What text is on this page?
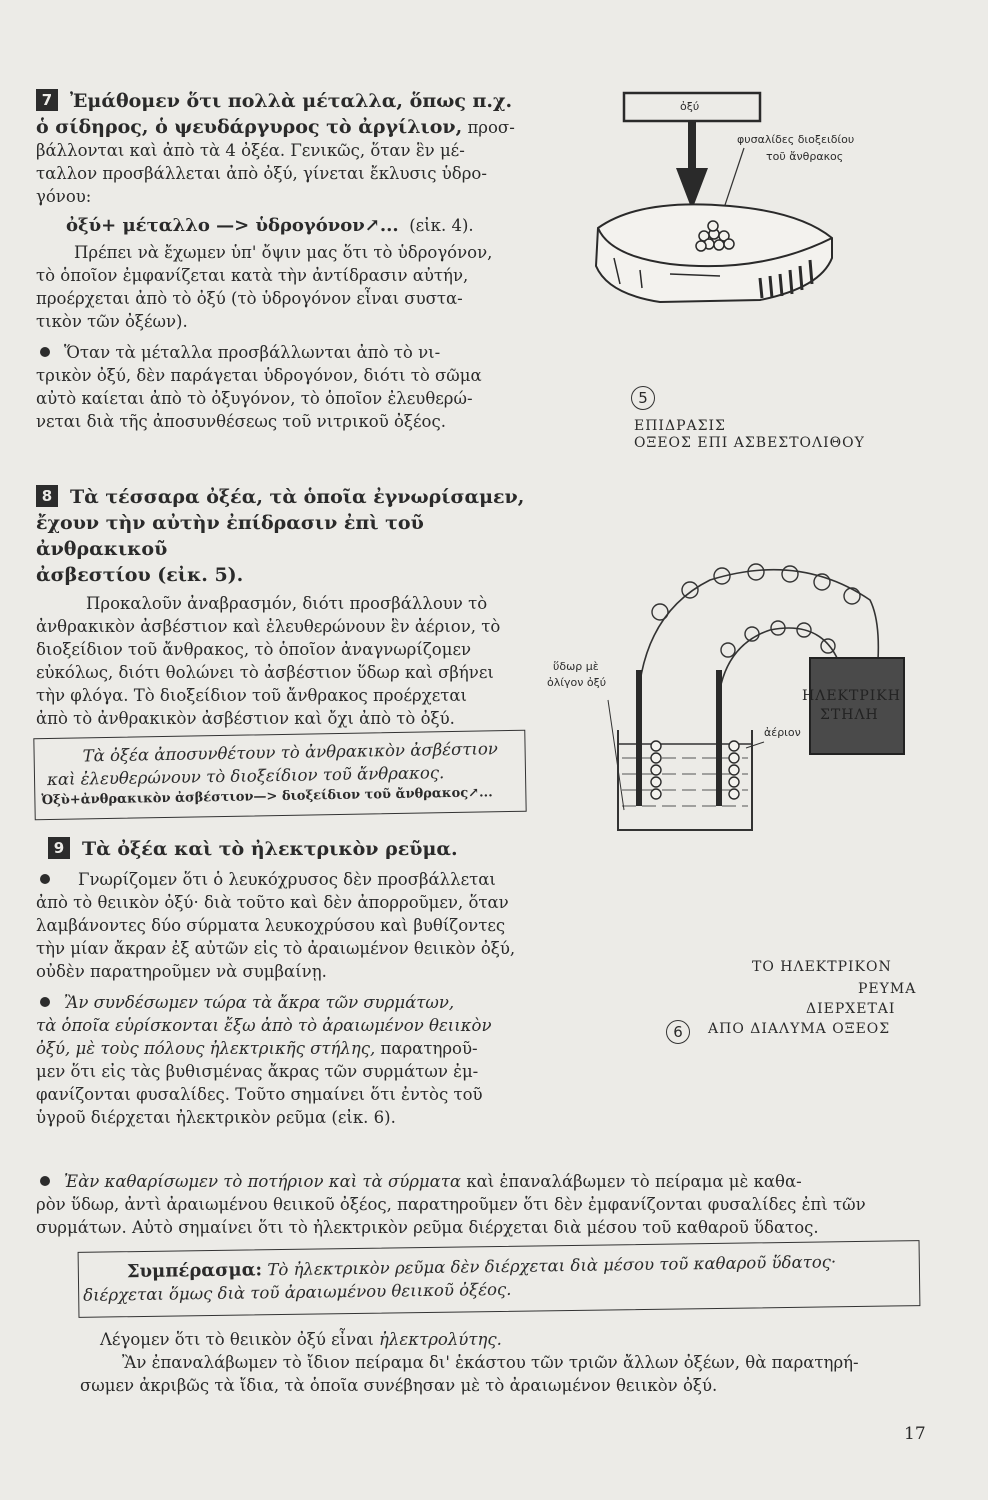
7 Ἐμάθομεν ὅτι πολλὰ μέταλλα, ὅπως π.χ.

ὁ σίδηρος, ὁ ψευδάργυρος τὸ ἀργίλιον, προσ-

βάλλονται καὶ ἀπὸ τὰ 4 ὀξέα. Γενικῶς, ὅταν ἓν μέ-

ταλλον προσβάλλεται ἀπὸ ὀξύ, γίνεται ἔκλυσις ὑδρο-

γόνου:

ὀξύ+ μέταλλο —> ὑδρογόνον↗... (εἰκ. 4).

Πρέπει νὰ ἔχωμεν ὑπ' ὄψιν μας ὅτι τὸ ὑδρογόνον,

τὸ ὁποῖον ἐμφανίζεται κατὰ τὴν ἀντίδρασιν αὐτήν,

προέρχεται ἀπὸ τὸ ὀξύ (τὸ ὑδρογόνον εἶναι συστα-

τικὸν τῶν ὀξέων).

Ὅταν τὰ μέταλλα προσβάλλωνται ἀπὸ τὸ νι-

τρικὸν ὀξύ, δὲν παράγεται ὑδρογόνον, διότι τὸ σῶμα

αὐτὸ καίεται ἀπὸ τὸ ὀξυγόνον, τὸ ὁποῖον ἐλευθερώ-

νεται διὰ τῆς ἀποσυνθέσεως τοῦ νιτρικοῦ ὀξέος.

8 Τὰ τέσσαρα ὀξέα, τὰ ὁποῖα ἐγνωρίσαμεν,

ἔχουν τὴν αὐτὴν ἐπίδρασιν ἐπὶ τοῦ ἀνθρακικοῦ

ἀσβεστίου (εἰκ. 5).

Προκαλοῦν ἀναβρασμόν, διότι προσβάλλουν τὸ

ἀνθρακικὸν ἀσβέστιον καὶ ἐλευθερώνουν ἓν ἀέριον, τὸ

διοξείδιον τοῦ ἄνθρακος, τὸ ὁποῖον ἀναγνωρίζομεν

εὐκόλως, διότι θολώνει τὸ ἀσβέστιον ὕδωρ καὶ σβήνει

τὴν φλόγα. Τὸ διοξείδιον τοῦ ἄνθρακος προέρχεται

ἀπὸ τὸ ἀνθρακικὸν ἀσβέστιον καὶ ὄχι ἀπὸ τὸ ὀξύ.

Τὰ ὀξέα ἀποσυνθέτουν τὸ ἀνθρακικὸν ἀσβέστιον

καὶ ἐλευθερώνουν τὸ διοξείδιον τοῦ ἄνθρακος.

Ὀξὺ+ἀνθρακικὸν ἀσβέστιον—> διοξείδιον τοῦ ἄνθρακος↗...

9 Τὰ ὀξέα καὶ τὸ ἠλεκτρικὸν ρεῦμα.

Γνωρίζομεν ὅτι ὁ λευκόχρυσος δὲν προσβάλλεται

ἀπὸ τὸ θειικὸν ὀξύ· διὰ τοῦτο καὶ δὲν ἀπορροῦμεν, ὅταν

λαμβάνοντες δύο σύρματα λευκοχρύσου καὶ βυθίζοντες

τὴν μίαν ἄκραν ἐξ αὐτῶν εἰς τὸ ἀραιωμένον θειικὸν ὀξύ,

οὐδὲν παρατηροῦμεν νὰ συμβαίνῃ.

Ἂν συνδέσωμεν τώρα τὰ ἄκρα τῶν συρμάτων,

τὰ ὁποῖα εὑρίσκονται ἔξω ἀπὸ τὸ ἀραιωμένον θειικὸν

ὀξύ, μὲ τοὺς πόλους ἠλεκτρικῆς στήλης, παρατηροῦ-

μεν ὅτι εἰς τὰς βυθισμένας ἄκρας τῶν συρμάτων ἐμ-

φανίζονται φυσαλίδες. Τοῦτο σημαίνει ὅτι ἐντὸς τοῦ

ὑγροῦ διέρχεται ἠλεκτρικὸν ρεῦμα (εἰκ. 6).

Ἐὰν καθαρίσωμεν τὸ ποτήριον καὶ τὰ σύρματα καὶ ἐπαναλάβωμεν τὸ πείραμα μὲ καθα-

ρὸν ὕδωρ, ἀντὶ ἀραιωμένου θειικοῦ ὀξέος, παρατηροῦμεν ὅτι δὲν ἐμφανίζονται φυσαλίδες ἐπὶ τῶν

συρμάτων. Αὐτὸ σημαίνει ὅτι τὸ ἠλεκτρικὸν ρεῦμα διέρχεται διὰ μέσου τοῦ καθαροῦ ὕδατος.

Συμπέρασμα: Τὸ ἠλεκτρικὸν ρεῦμα δὲν διέρχεται διὰ μέσου τοῦ καθαροῦ ὕδατος·

διέρχεται ὅμως διὰ τοῦ ἀραιωμένου θειικοῦ ὀξέος.

Λέγομεν ὅτι τὸ θειικὸν ὀξύ εἶναι ἠλεκτρολύτης.

Ἂν ἐπαναλάβωμεν τὸ ἴδιον πείραμα δι' ἑκάστου τῶν τριῶν ἄλλων ὀξέων, θὰ παρατηρή-

σωμεν ἀκριβῶς τὰ ἴδια, τὰ ὁποῖα συνέβησαν μὲ τὸ ἀραιωμένον θειικὸν ὀξύ.

17
ὀξύ
φυσαλίδες διοξειδίου
τοῦ ἄνθρακος
5
ΕΠΙΔΡΑΣΙΣ
ΟΞΕΟΣ ΕΠΙ ΑΣΒΕΣΤΟΛΙΘΟΥ
ὕδωρ μὲ
ὀλίγον ὀξύ
ΗΛΕΚΤΡΙΚΗ
ΣΤΗΛΗ
ἀέριον
ΤΟ ΗΛΕΚΤΡΙΚΟΝ
ΡΕΥΜΑ
ΔΙΕΡΧΕΤΑΙ
6	ΑΠΟ ΔΙΑΛΥΜΑ ΟΞΕΟΣ
